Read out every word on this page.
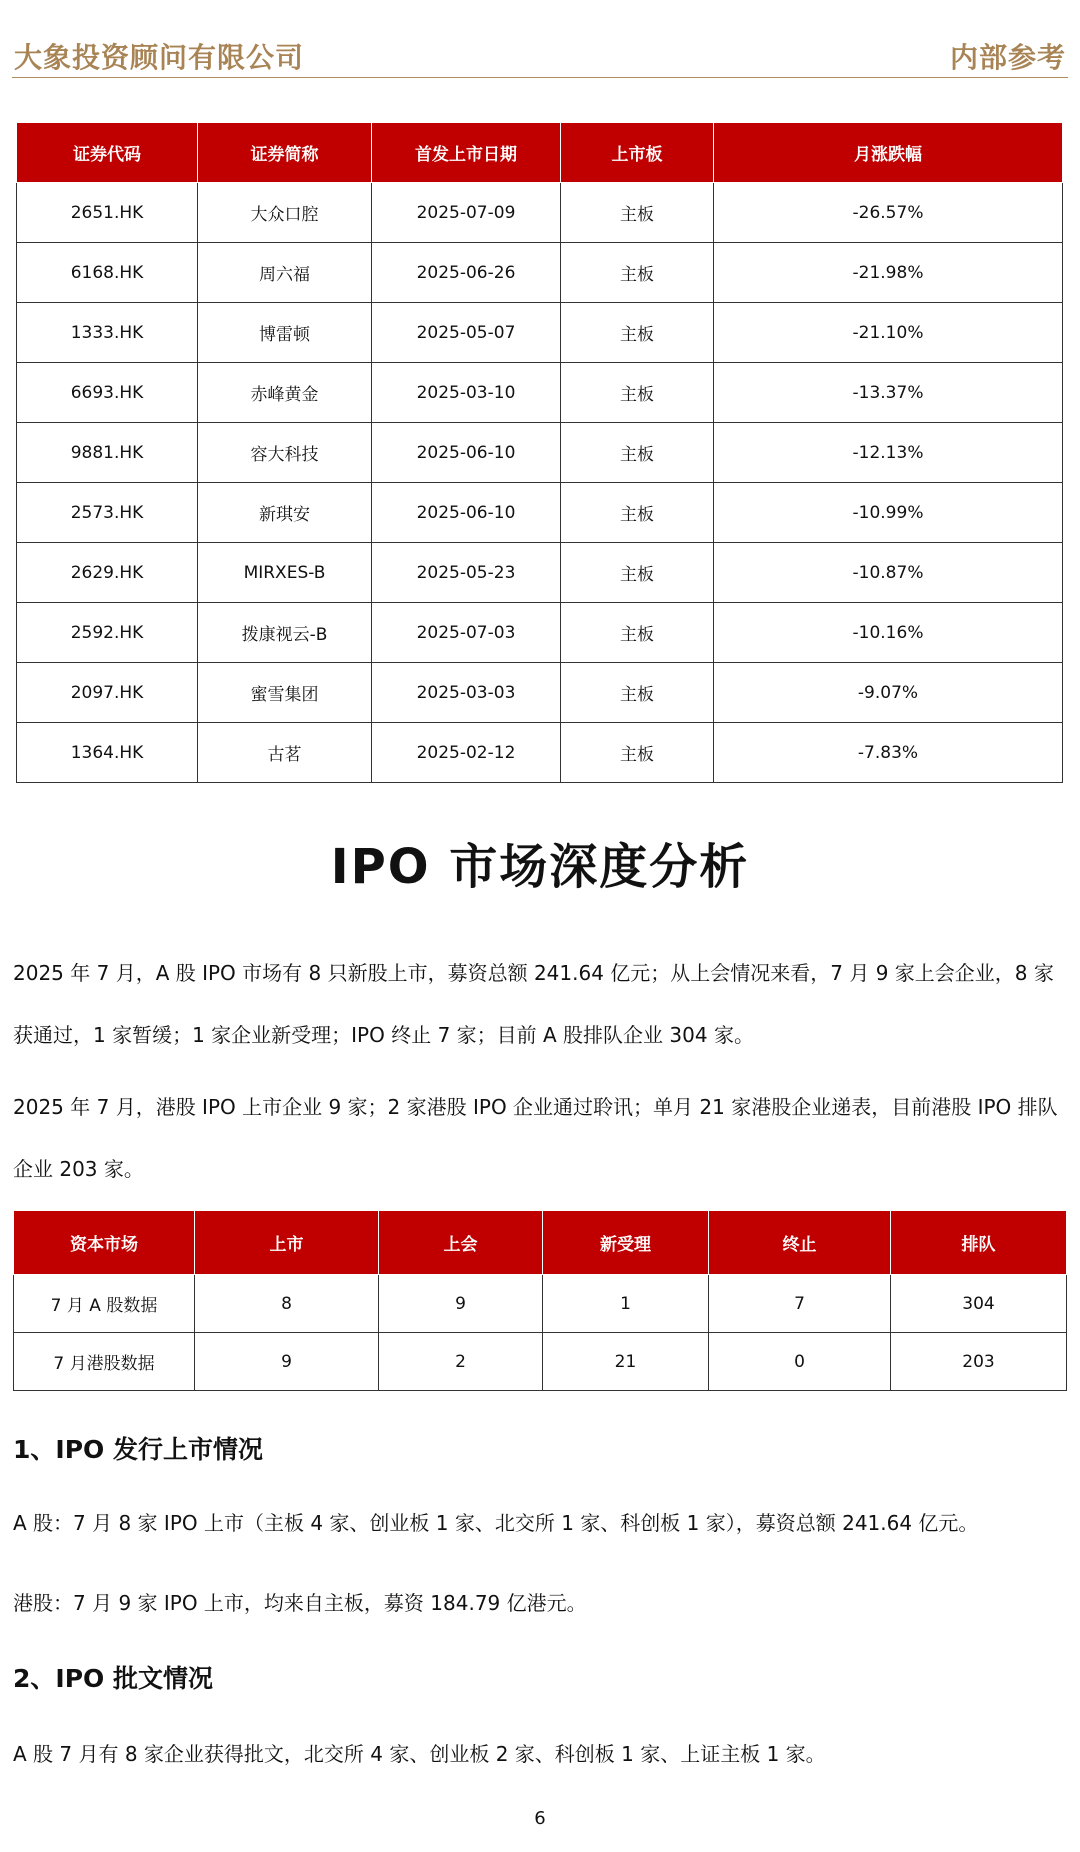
大象投资顾问有限公司	内部参考
证券代码	证券简称	首发上市日期	上市板	月涨跌幅
2651.HK	大众口腔	2025-07-09	主板	-26.57%
6168.HK	周六福	2025-06-26	主板	-21.98%
1333.HK	博雷顿	2025-05-07	主板	-21.10%
6693.HK	赤峰黄金	2025-03-10	主板	-13.37%
9881.HK	容大科技	2025-06-10	主板	-12.13%
2573.HK	新琪安	2025-06-10	主板	-10.99%
2629.HK	MIRXES-B	2025-05-23	主板	-10.87%
2592.HK	拨康视云-B	2025-07-03	主板	-10.16%
2097.HK	蜜雪集团	2025-03-03	主板	-9.07%
1364.HK	古茗	2025-02-12	主板	-7.83%
IPO 市场深度分析
2025 年 7 月，A 股 IPO 市场有 8 只新股上市，募资总额 241.64 亿元；从上会情况来看，7 月 9 家上会企业，8 家获通过，1 家暂缓；1 家企业新受理；IPO 终止 7 家；目前 A 股排队企业 304 家。
2025 年 7 月，港股 IPO 上市企业 9 家；2 家港股 IPO 企业通过聆讯；单月 21 家港股企业递表，目前港股 IPO 排队企业 203 家。
资本市场	上市	上会	新受理	终止	排队
7 月 A 股数据	8	9	1	7	304
7 月港股数据	9	2	21	0	203
1、IPO 发行上市情况
A 股：7 月 8 家 IPO 上市（主板 4 家、创业板 1 家、北交所 1 家、科创板 1 家），募资总额 241.64 亿元。
港股：7 月 9 家 IPO 上市，均来自主板，募资 184.79 亿港元。
2、IPO 批文情况
A 股 7 月有 8 家企业获得批文，北交所 4 家、创业板 2 家、科创板 1 家、上证主板 1 家。
6
